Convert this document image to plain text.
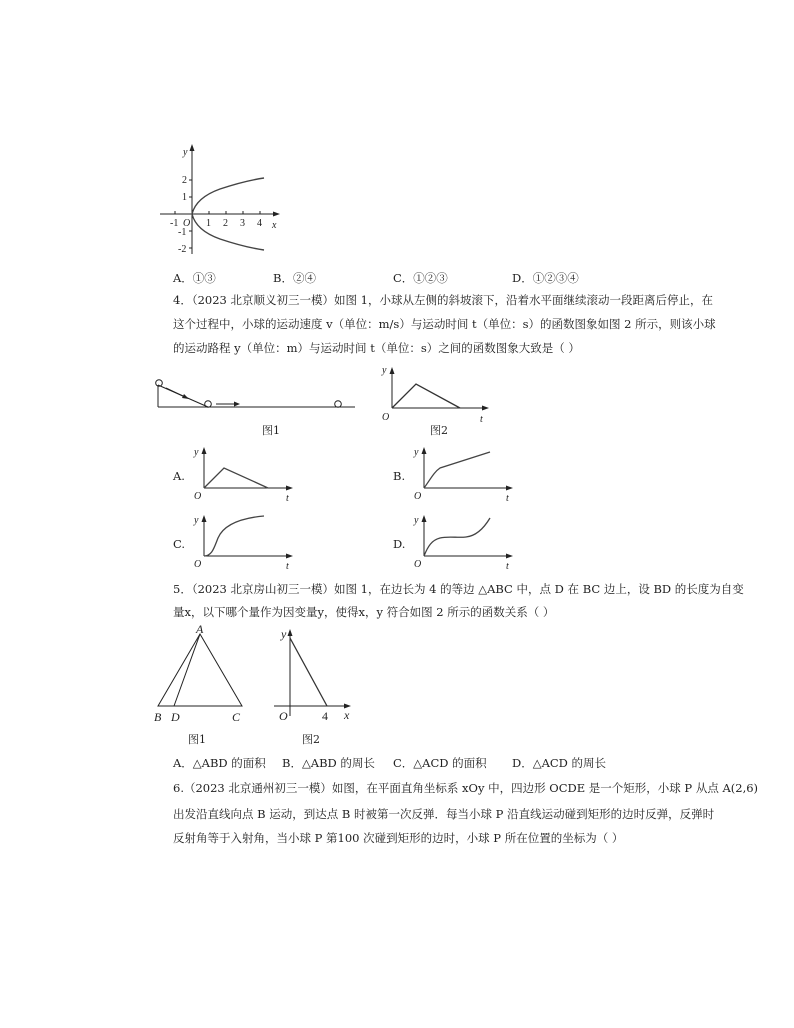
y
x
O
2
1
-1
-2
-1	1 2 3 4
A．①③	B．②④	C．①②③	D．①②③④
4．（2023 北京顺义初三一模）如图 1，小球从左侧的斜坡滚下，沿着水平面继续滚动一段距离后停止，在
这个过程中，小球的运动速度 v（单位：m/s）与运动时间 t（单位：s）的函数图象如图 2 所示，则该小球
的运动路程 y（单位：m）与运动时间 t（单位：s）之间的函数图象大致是（ ）
图1
y
t
O
图2
A.
y
t
O
B.
y
t
O
C.
y
t
O
D.
y
t
O
5．（2023 北京房山初三一模）如图 1，在边长为 4 的等边 △ABC 中，点 D 在 BC 边上，设 BD 的长度为自变
量x，以下哪个量作为因变量y，使得x，y 符合如图 2 所示的函数关系（ ）
A
B D	C
图1
y
x
O	4
图2
A．△ABD 的面积 B．△ABD 的周长 C．△ACD 的面积 D．△ACD 的周长
6.（2023 北京通州初三一模）如图，在平面直角坐标系 xOy 中，四边形 OCDE 是一个矩形，小球 P 从点 A(2,6)
出发沿直线向点 B 运动，到达点 B 时被第一次反弹．每当小球 P 沿直线运动碰到矩形的边时反弹，反弹时
反射角等于入射角，当小球 P 第100 次碰到矩形的边时，小球 P 所在位置的坐标为（ ）
